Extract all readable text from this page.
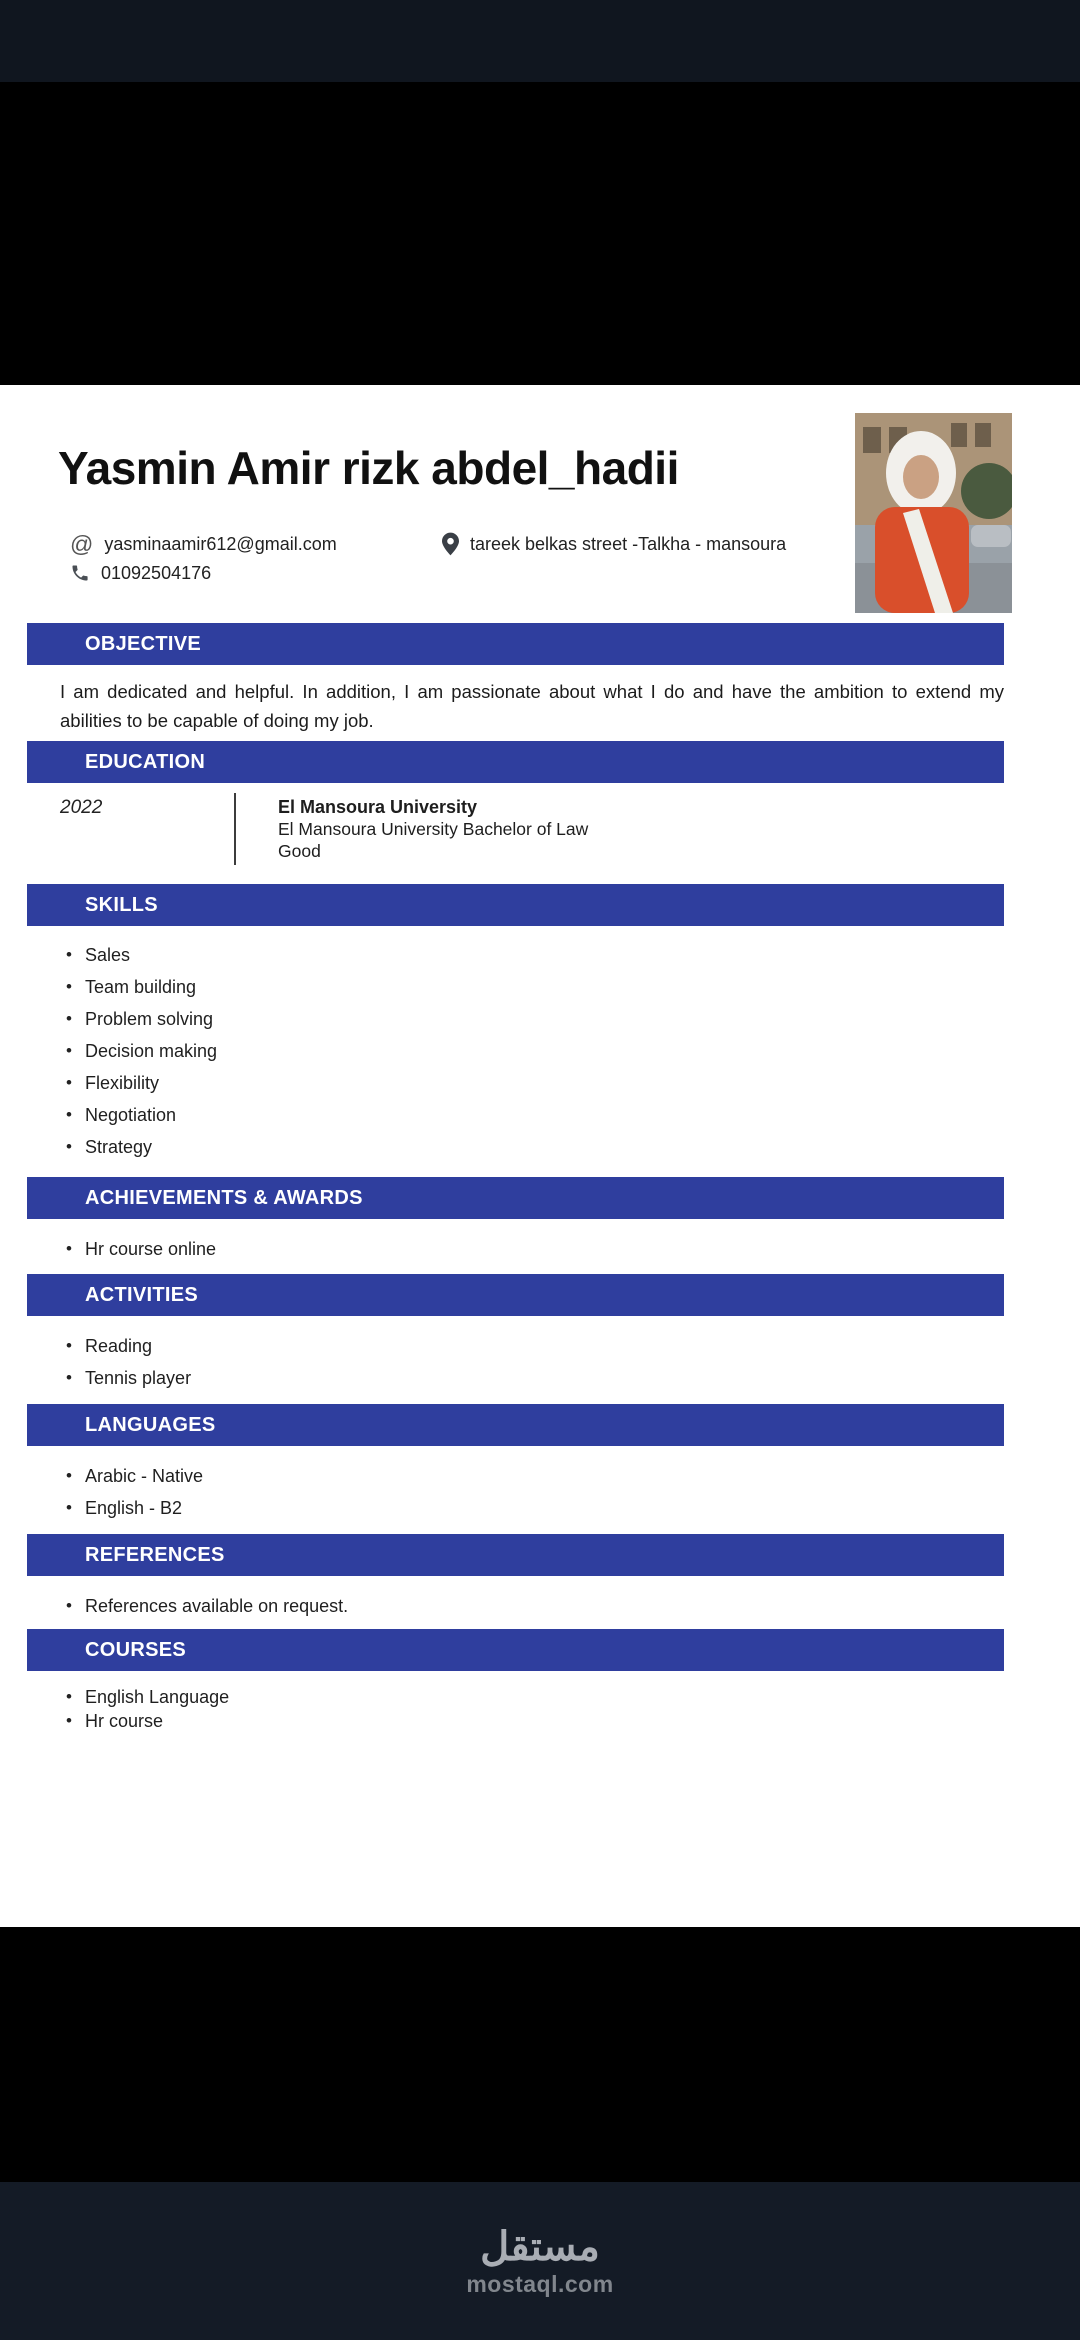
Yasmin Amir rizk abdel_hadii
@ yasminaamir612@gmail.com	tareek belkas street -Talkha - mansoura
01092504176
OBJECTIVE

I am dedicated and helpful. In addition, I am passionate about what I do and have the ambition to extend my abilities to be capable of doing my job.

EDUCATION
2022	El Mansoura University
El Mansoura University Bachelor of Law
Good
SKILLS
• Sales
• Team building
• Problem solving
• Decision making
• Flexibility
• Negotiation
• Strategy
ACHIEVEMENTS & AWARDS
• Hr course online
ACTIVITIES
• Reading
• Tennis player
LANGUAGES
• Arabic - Native
• English - B2
REFERENCES
• References available on request.
COURSES
• English Language
• Hr course
مستقل
mostaql.com
